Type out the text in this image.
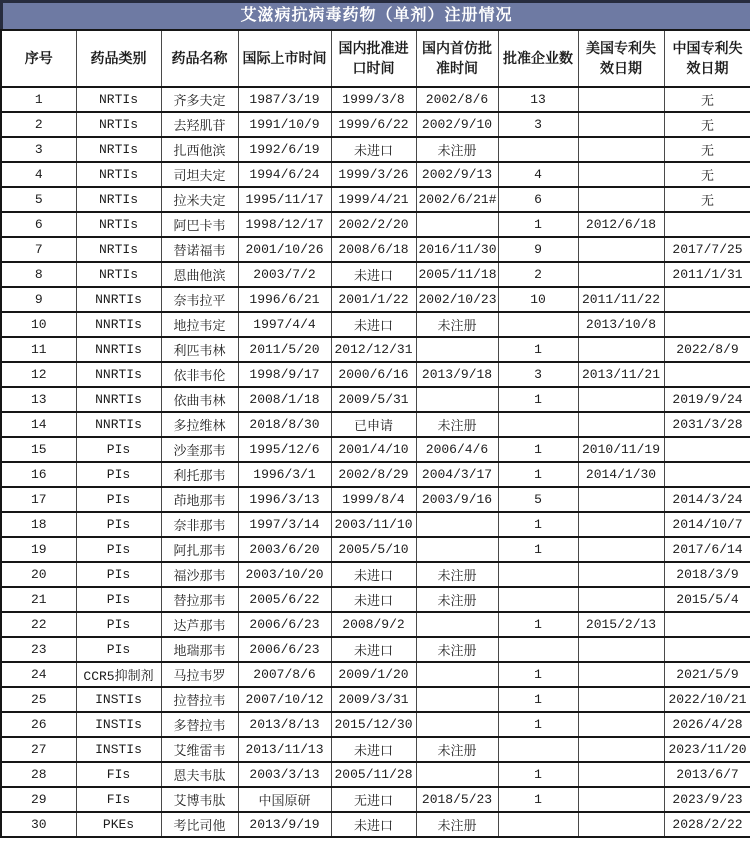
艾滋病抗病毒药物（单剂）注册情况
序号	药品类别	药品名称	国际上市时间	国内批准进口时间	国内首仿批准时间	批准企业数	美国专利失效日期	中国专利失效日期
1	NRTIs	齐多夫定	1987/3/19	1999/3/8	2002/8/6	13		无
2	NRTIs	去羟肌苷	1991/10/9	1999/6/22	2002/9/10	3		无
3	NRTIs	扎西他滨	1992/6/19	未进口	未注册			无
4	NRTIs	司坦夫定	1994/6/24	1999/3/26	2002/9/13	4		无
5	NRTIs	拉米夫定	1995/11/17	1999/4/21	2002/6/21#	6		无
6	NRTIs	阿巴卡韦	1998/12/17	2002/2/20		1	2012/6/18	
7	NRTIs	替诺福韦	2001/10/26	2008/6/18	2016/11/30	9		2017/7/25
8	NRTIs	恩曲他滨	2003/7/2	未进口	2005/11/18	2		2011/1/31
9	NNRTIs	奈韦拉平	1996/6/21	2001/1/22	2002/10/23	10	2011/11/22	
10	NNRTIs	地拉韦定	1997/4/4	未进口	未注册		2013/10/8	
11	NNRTIs	利匹韦林	2011/5/20	2012/12/31		1		2022/8/9
12	NNRTIs	依非韦伦	1998/9/17	2000/6/16	2013/9/18	3	2013/11/21	
13	NNRTIs	依曲韦林	2008/1/18	2009/5/31		1		2019/9/24
14	NNRTIs	多拉维林	2018/8/30	已申请	未注册			2031/3/28
15	PIs	沙奎那韦	1995/12/6	2001/4/10	2006/4/6	1	2010/11/19	
16	PIs	利托那韦	1996/3/1	2002/8/29	2004/3/17	1	2014/1/30	
17	PIs	茚地那韦	1996/3/13	1999/8/4	2003/9/16	5		2014/3/24
18	PIs	奈非那韦	1997/3/14	2003/11/10		1		2014/10/7
19	PIs	阿扎那韦	2003/6/20	2005/5/10		1		2017/6/14
20	PIs	福沙那韦	2003/10/20	未进口	未注册			2018/3/9
21	PIs	替拉那韦	2005/6/22	未进口	未注册			2015/5/4
22	PIs	达芦那韦	2006/6/23	2008/9/2		1	2015/2/13	
23	PIs	地瑞那韦	2006/6/23	未进口	未注册			
24	CCR5抑制剂	马拉韦罗	2007/8/6	2009/1/20		1		2021/5/9
25	INSTIs	拉替拉韦	2007/10/12	2009/3/31		1		2022/10/21
26	INSTIs	多替拉韦	2013/8/13	2015/12/30		1		2026/4/28
27	INSTIs	艾维雷韦	2013/11/13	未进口	未注册			2023/11/20
28	FIs	恩夫韦肽	2003/3/13	2005/11/28		1		2013/6/7
29	FIs	艾博韦肽	中国原研	无进口	2018/5/23	1		2023/9/23
30	PKEs	考比司他	2013/9/19	未进口	未注册			2028/2/22
